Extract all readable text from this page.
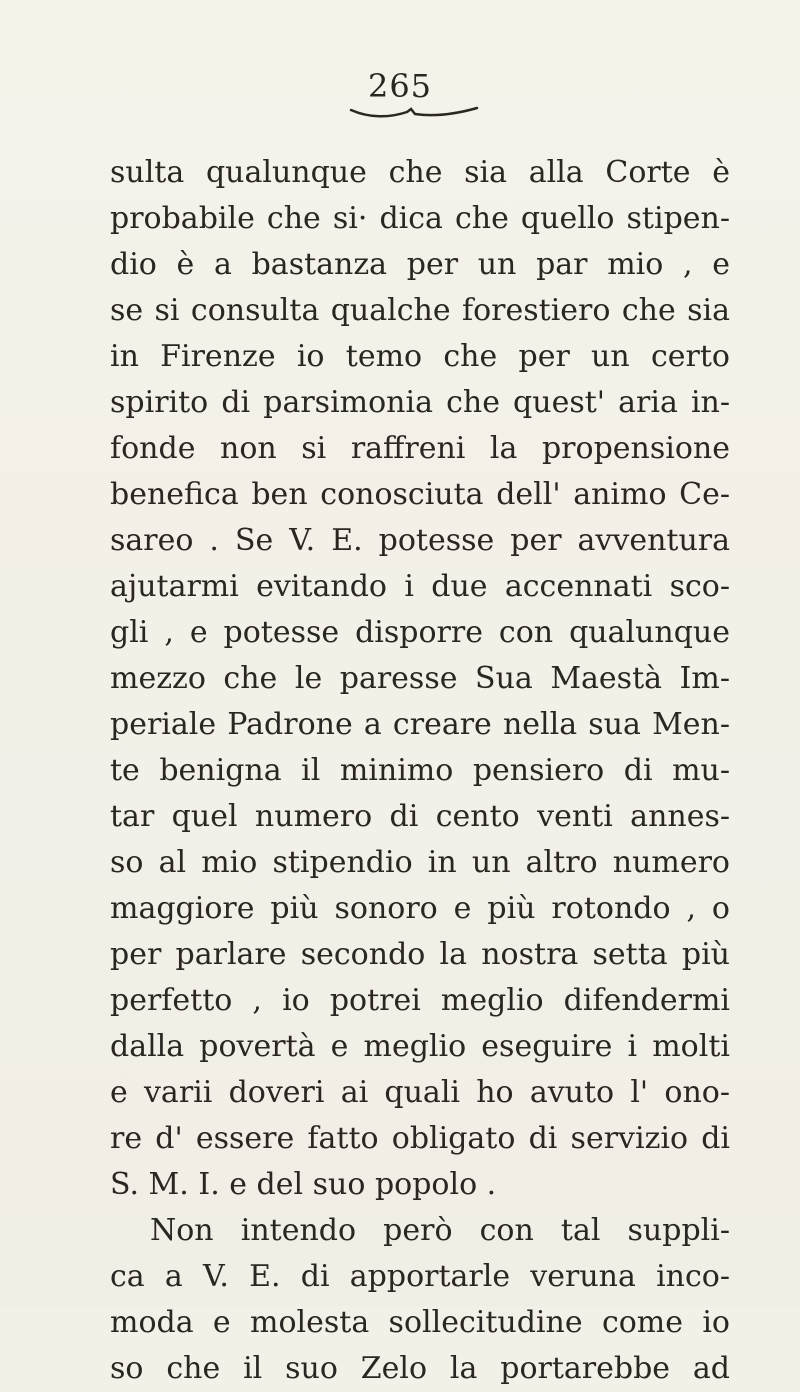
265
sulta qualunque che sia alla Corte è
probabile che si· dica che quello stipen-
dio è a bastanza per un par mio , e
se si consulta qualche forestiero che sia
in Firenze io temo che per un certo
spirito di parsimonia che quest' aria in-
fonde non si raffreni la propensione
benefica ben conosciuta dell' animo Ce-
sareo . Se V. E. potesse per avventura
ajutarmi evitando i due accennati sco-
gli , e potesse disporre con qualunque
mezzo che le paresse Sua Maestà Im-
periale Padrone a creare nella sua Men-
te benigna il minimo pensiero di mu-
tar quel numero di cento venti annes-
so al mio stipendio in un altro numero
maggiore più sonoro e più rotondo , o
per parlare secondo la nostra setta più
perfetto , io potrei meglio difendermi
dalla povertà e meglio eseguire i molti
e varii doveri ai quali ho avuto l' ono-
re d' essere fatto obligato di servizio di
S. M. I. e del suo popolo .
Non intendo però con tal suppli-
ca a V. E. di apportarle veruna inco-
moda e molesta sollecitudine come io
so che il suo Zelo la portarebbe ad
